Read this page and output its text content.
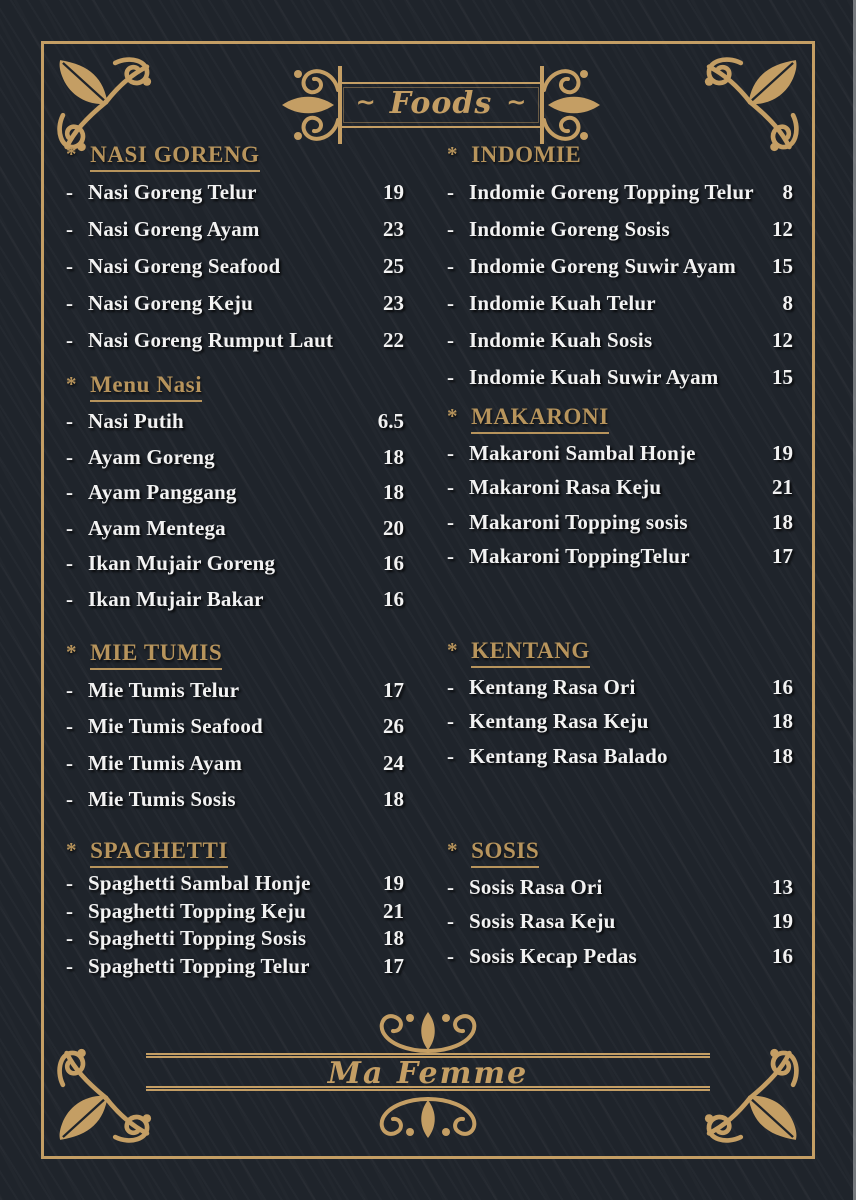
~ Foods ~
* NASI GORENG
- Nasi Goreng Telur	19
- Nasi Goreng Ayam	23
- Nasi Goreng Seafood	25
- Nasi Goreng Keju	23
- Nasi Goreng Rumput Laut	22
* Menu Nasi
- Nasi Putih	6.5
- Ayam Goreng	18
- Ayam Panggang	18
- Ayam Mentega	20
- Ikan Mujair Goreng	16
- Ikan Mujair Bakar	16
* MIE TUMIS
- Mie Tumis Telur	17
- Mie Tumis Seafood	26
- Mie Tumis Ayam	24
- Mie Tumis Sosis	18
* SPAGHETTI
- Spaghetti Sambal Honje	19
- Spaghetti Topping Keju	21
- Spaghetti Topping Sosis	18
- Spaghetti Topping Telur	17
* INDOMIE
- Indomie Goreng Topping Telur	8
- Indomie Goreng Sosis	12
- Indomie Goreng Suwir Ayam	15
- Indomie Kuah Telur	8
- Indomie Kuah Sosis	12
- Indomie Kuah Suwir Ayam	15
* MAKARONI
- Makaroni Sambal Honje	19
- Makaroni Rasa Keju	21
- Makaroni Topping sosis	18
- Makaroni ToppingTelur	17
* KENTANG
- Kentang Rasa Ori	16
- Kentang Rasa Keju	18
- Kentang Rasa Balado	18
* SOSIS
- Sosis Rasa Ori	13
- Sosis Rasa Keju	19
- Sosis Kecap Pedas	16
Ma Femme
